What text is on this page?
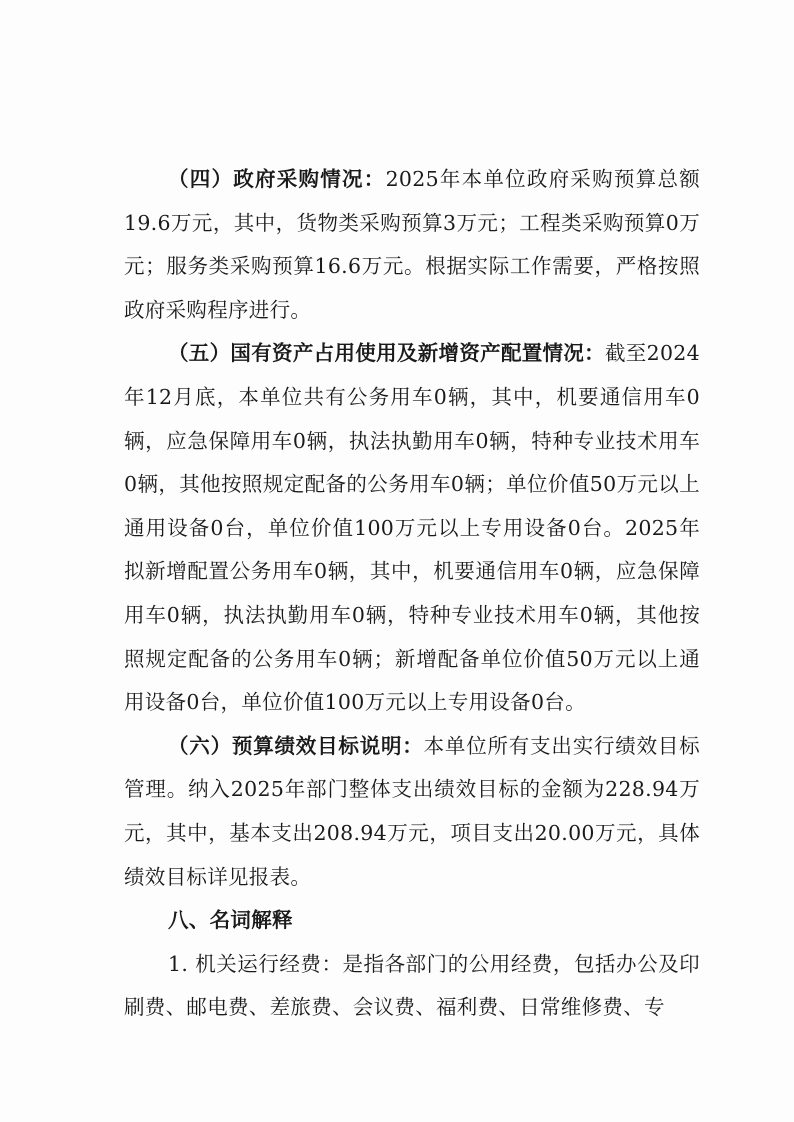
（四）政府采购情况：2025年本单位政府采购预算总额19.6万元，其中，货物类采购预算3万元；工程类采购预算0万元；服务类采购预算16.6万元。根据实际工作需要，严格按照政府采购程序进行。

（五）国有资产占用使用及新增资产配置情况：截至2024年12月底，本单位共有公务用车0辆，其中，机要通信用车0辆，应急保障用车0辆，执法执勤用车0辆，特种专业技术用车0辆，其他按照规定配备的公务用车0辆；单位价值50万元以上通用设备0台，单位价值100万元以上专用设备0台。2025年拟新增配置公务用车0辆，其中，机要通信用车0辆，应急保障用车0辆，执法执勤用车0辆，特种专业技术用车0辆，其他按照规定配备的公务用车0辆；新增配备单位价值50万元以上通用设备0台，单位价值100万元以上专用设备0台。

（六）预算绩效目标说明：本单位所有支出实行绩效目标管理。纳入2025年部门整体支出绩效目标的金额为228.94万元，其中，基本支出208.94万元，项目支出20.00万元，具体绩效目标详见报表。

八、名词解释

1. 机关运行经费：是指各部门的公用经费，包括办公及印刷费、邮电费、差旅费、会议费、福利费、日常维修费、专
